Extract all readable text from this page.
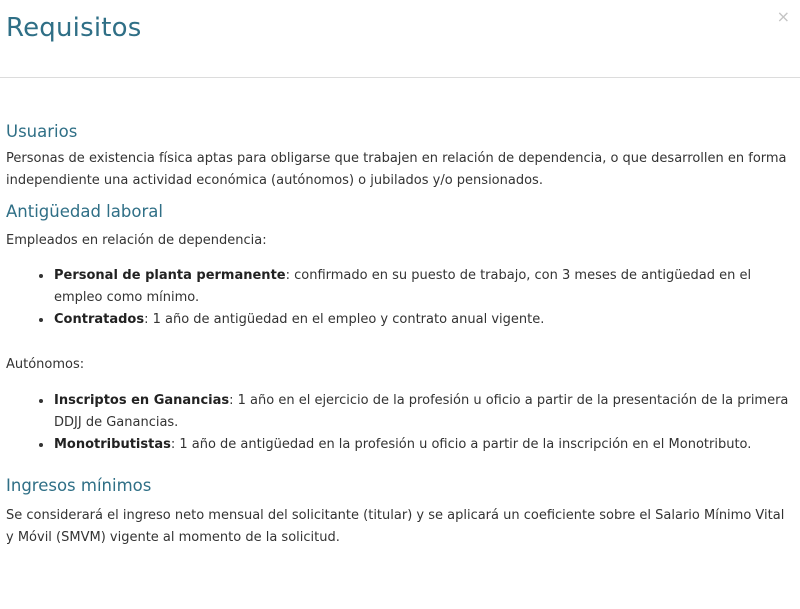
Requisitos	×
Usuarios

Personas de existencia física aptas para obligarse que trabajen en relación de dependencia, o que desarrollen en forma independiente una actividad económica (autónomos) o jubilados y/o pensionados.

Antigüedad laboral

Empleados en relación de dependencia:

Personal de planta permanente: confirmado en su puesto de trabajo, con 3 meses de antigüedad en el empleo como mínimo.
Contratados: 1 año de antigüedad en el empleo y contrato anual vigente.

Autónomos:

Inscriptos en Ganancias: 1 año en el ejercicio de la profesión u oficio a partir de la presentación de la primera DDJJ de Ganancias.
Monotributistas: 1 año de antigüedad en la profesión u oficio a partir de la inscripción en el Monotributo.
Ingresos mínimos

Se considerará el ingreso neto mensual del solicitante (titular) y se aplicará un coeficiente sobre el Salario Mínimo Vital y Móvil (SMVM) vigente al momento de la solicitud.
